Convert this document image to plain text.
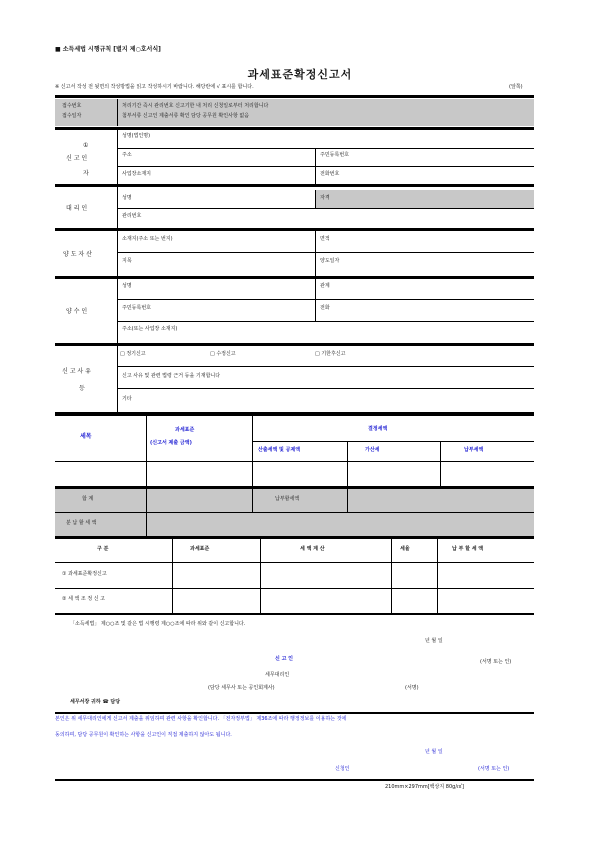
■ 소득세법 시행규칙 [별지 제○호서식]
과세표준확정신고서
※ 신고서 작성 전 뒷면의 작성방법을 읽고 작성하시기 바랍니다. 해당란에 √ 표시를 합니다.	(앞쪽)
접수번호
접수일자
처리기간 즉시 관리번호 신고기한 내 처리 신청일로부터 처리합니다
첨부서류 신고인 제출서류 확인 담당 공무원 확인사항 없음
①
신 고 인
자
성명(법인명)
주소	주민등록번호
사업장소재지	전화번호
대 리 인
성명	자격
관리번호
양 도 자 산
소재지(주소 또는 번지)	면적
지목	양도일자
양 수 인
성명	관계
주민등록번호	전화
주소(또는 사업장 소재지)
신 고 사 유
등
□ 정기신고	□ 수정신고	□ 기한후신고
신고 사유 및 관련 법령 근거 등을 기재합니다
기타
세목
과세표준
(신고서 제출 금액)
결정세액
산출세액 및 공제액	가산세	납부세액
합 계	납부할세액
분 납 할 세 액
구 분	과세표준	세 액 계 산	세율	납 부 할 세 액
① 과세표준확정신고
② 세 액 조 정 신 고
「소득세법」 제○○조 및 같은 법 시행령 제○○조에 따라 위와 같이 신고합니다.
년 월 일
신 고 인	(서명 또는 인)
세무대리인
(담당 세무사 또는 공인회계사)	(서명)
세무서장 귀하 ☎ 담당
본인은 위 세무대리인에게 신고서 제출을 위임하며 관련 사항을 확인합니다. 「전자정부법」 제36조에 따라 행정정보를 이용하는 것에
동의하며, 담당 공무원이 확인하는 사항을 신고인이 직접 제출하지 않아도 됩니다.
년 월 일
신청인	(서명 또는 인)
210mm×297mm[백상지 80g/㎡]
